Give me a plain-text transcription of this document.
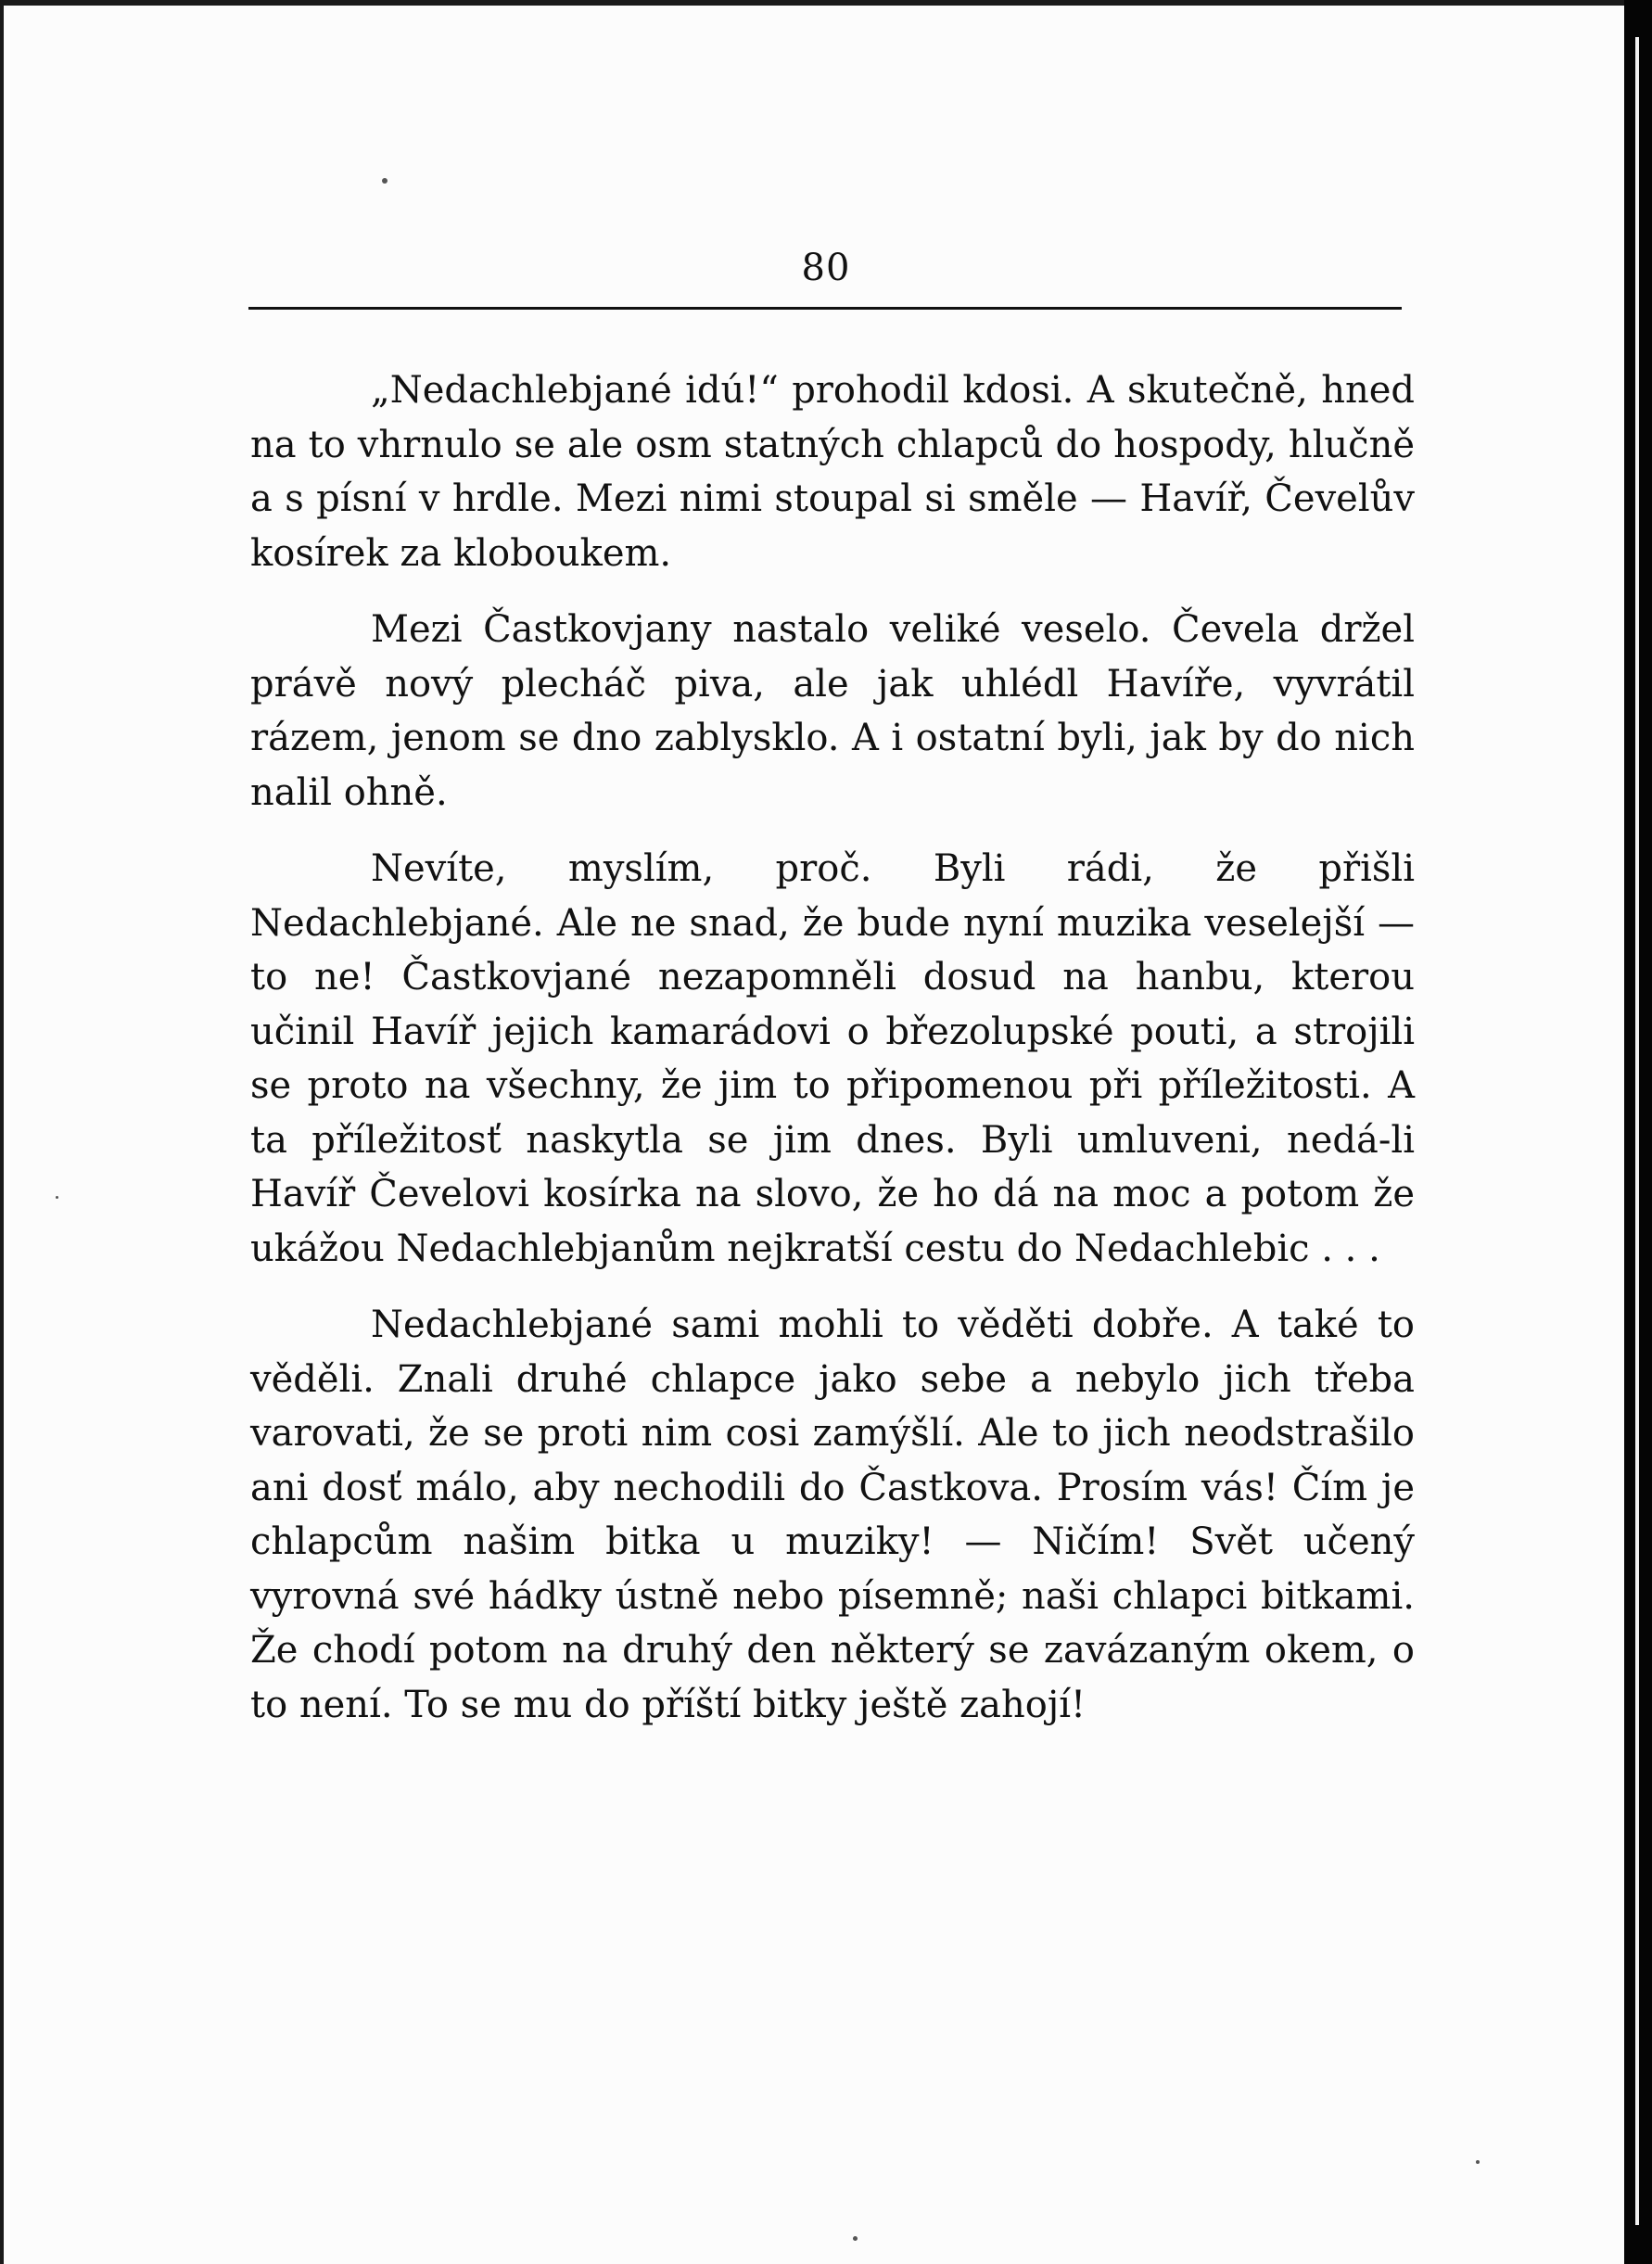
80

„Nedachlebjané idú!“ prohodil kdosi. A skutečně, hned na to vhrnulo se ale osm statných chlapců do hospody, hlučně a s písní v hrdle. Mezi nimi stoupal si směle — Havíř, Čevelův kosírek za kloboukem.

Mezi Častkovjany nastalo veliké veselo. Čevela držel právě nový plecháč piva, ale jak uhlédl Havíře, vyvrátil rázem, jenom se dno zablysklo. A i ostatní byli, jak by do nich nalil ohně.

Nevíte, myslím, proč. Byli rádi, že přišli Nedachlebjané. Ale ne snad, že bude nyní muzika veselejší — to ne! Častkovjané nezapomněli dosud na hanbu, kterou učinil Havíř jejich kamarádovi o březolupské pouti, a strojili se proto na všechny, že jim to připomenou při příležitosti. A ta příležitosť naskytla se jim dnes. Byli umluveni, nedá-li Havíř Čevelovi kosírka na slovo, že ho dá na moc a potom že ukážou Nedachlebjanům nejkratší cestu do Nedachlebic . . .

Nedachlebjané sami mohli to věděti dobře. A také to věděli. Znali druhé chlapce jako sebe a nebylo jich třeba varovati, že se proti nim cosi zamýšlí. Ale to jich neodstrašilo ani dosť málo, aby nechodili do Častkova. Prosím vás! Čím je chlapcům našim bitka u muziky! — Ničím! Svět učený vyrovná své hádky ústně nebo písemně; naši chlapci bitkami. Že chodí potom na druhý den některý se zavázaným okem, o to není. To se mu do příští bitky ještě zahojí!
